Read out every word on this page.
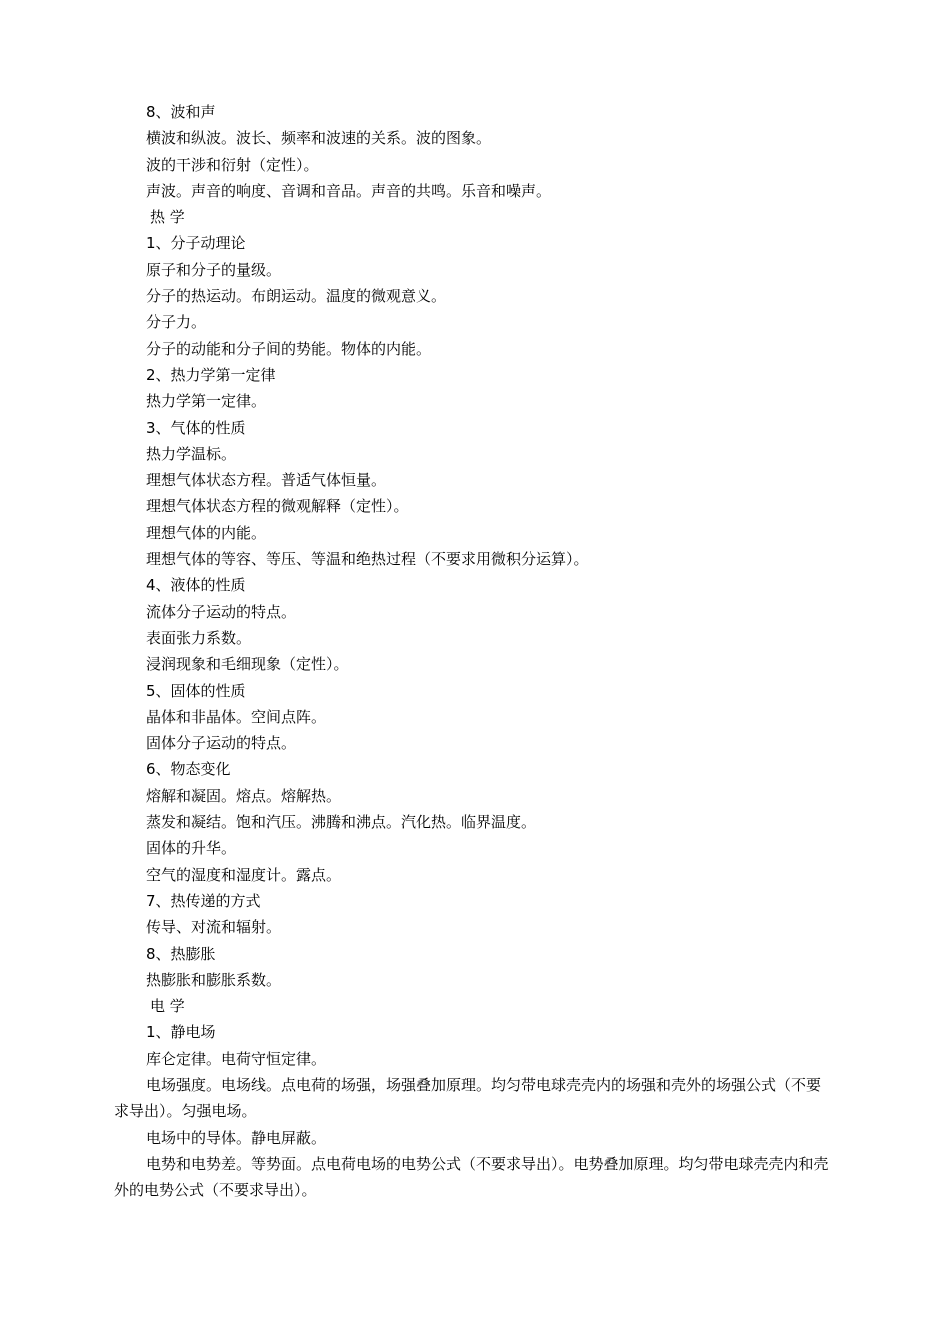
8、波和声
横波和纵波。波长、频率和波速的关系。波的图象。
波的干涉和衍射（定性）。
声波。声音的响度、音调和音品。声音的共鸣。乐音和噪声。
热 学
1、分子动理论
原子和分子的量级。
分子的热运动。布朗运动。温度的微观意义。
分子力。
分子的动能和分子间的势能。物体的内能。
2、热力学第一定律
热力学第一定律。
3、气体的性质
热力学温标。
理想气体状态方程。普适气体恒量。
理想气体状态方程的微观解释（定性）。
理想气体的内能。
理想气体的等容、等压、等温和绝热过程（不要求用微积分运算）。
4、液体的性质
流体分子运动的特点。
表面张力系数。
浸润现象和毛细现象（定性）。
5、固体的性质
晶体和非晶体。空间点阵。
固体分子运动的特点。
6、物态变化
熔解和凝固。熔点。熔解热。
蒸发和凝结。饱和汽压。沸腾和沸点。汽化热。临界温度。
固体的升华。
空气的湿度和湿度计。露点。
7、热传递的方式
传导、对流和辐射。
8、热膨胀
热膨胀和膨胀系数。
电 学
1、静电场
库仑定律。电荷守恒定律。
电场强度。电场线。点电荷的场强，场强叠加原理。均匀带电球壳壳内的场强和壳外的场强公式（不要求导出）。匀强电场。
电场中的导体。静电屏蔽。
电势和电势差。等势面。点电荷电场的电势公式（不要求导出）。电势叠加原理。均匀带电球壳壳内和壳外的电势公式（不要求导出）。
